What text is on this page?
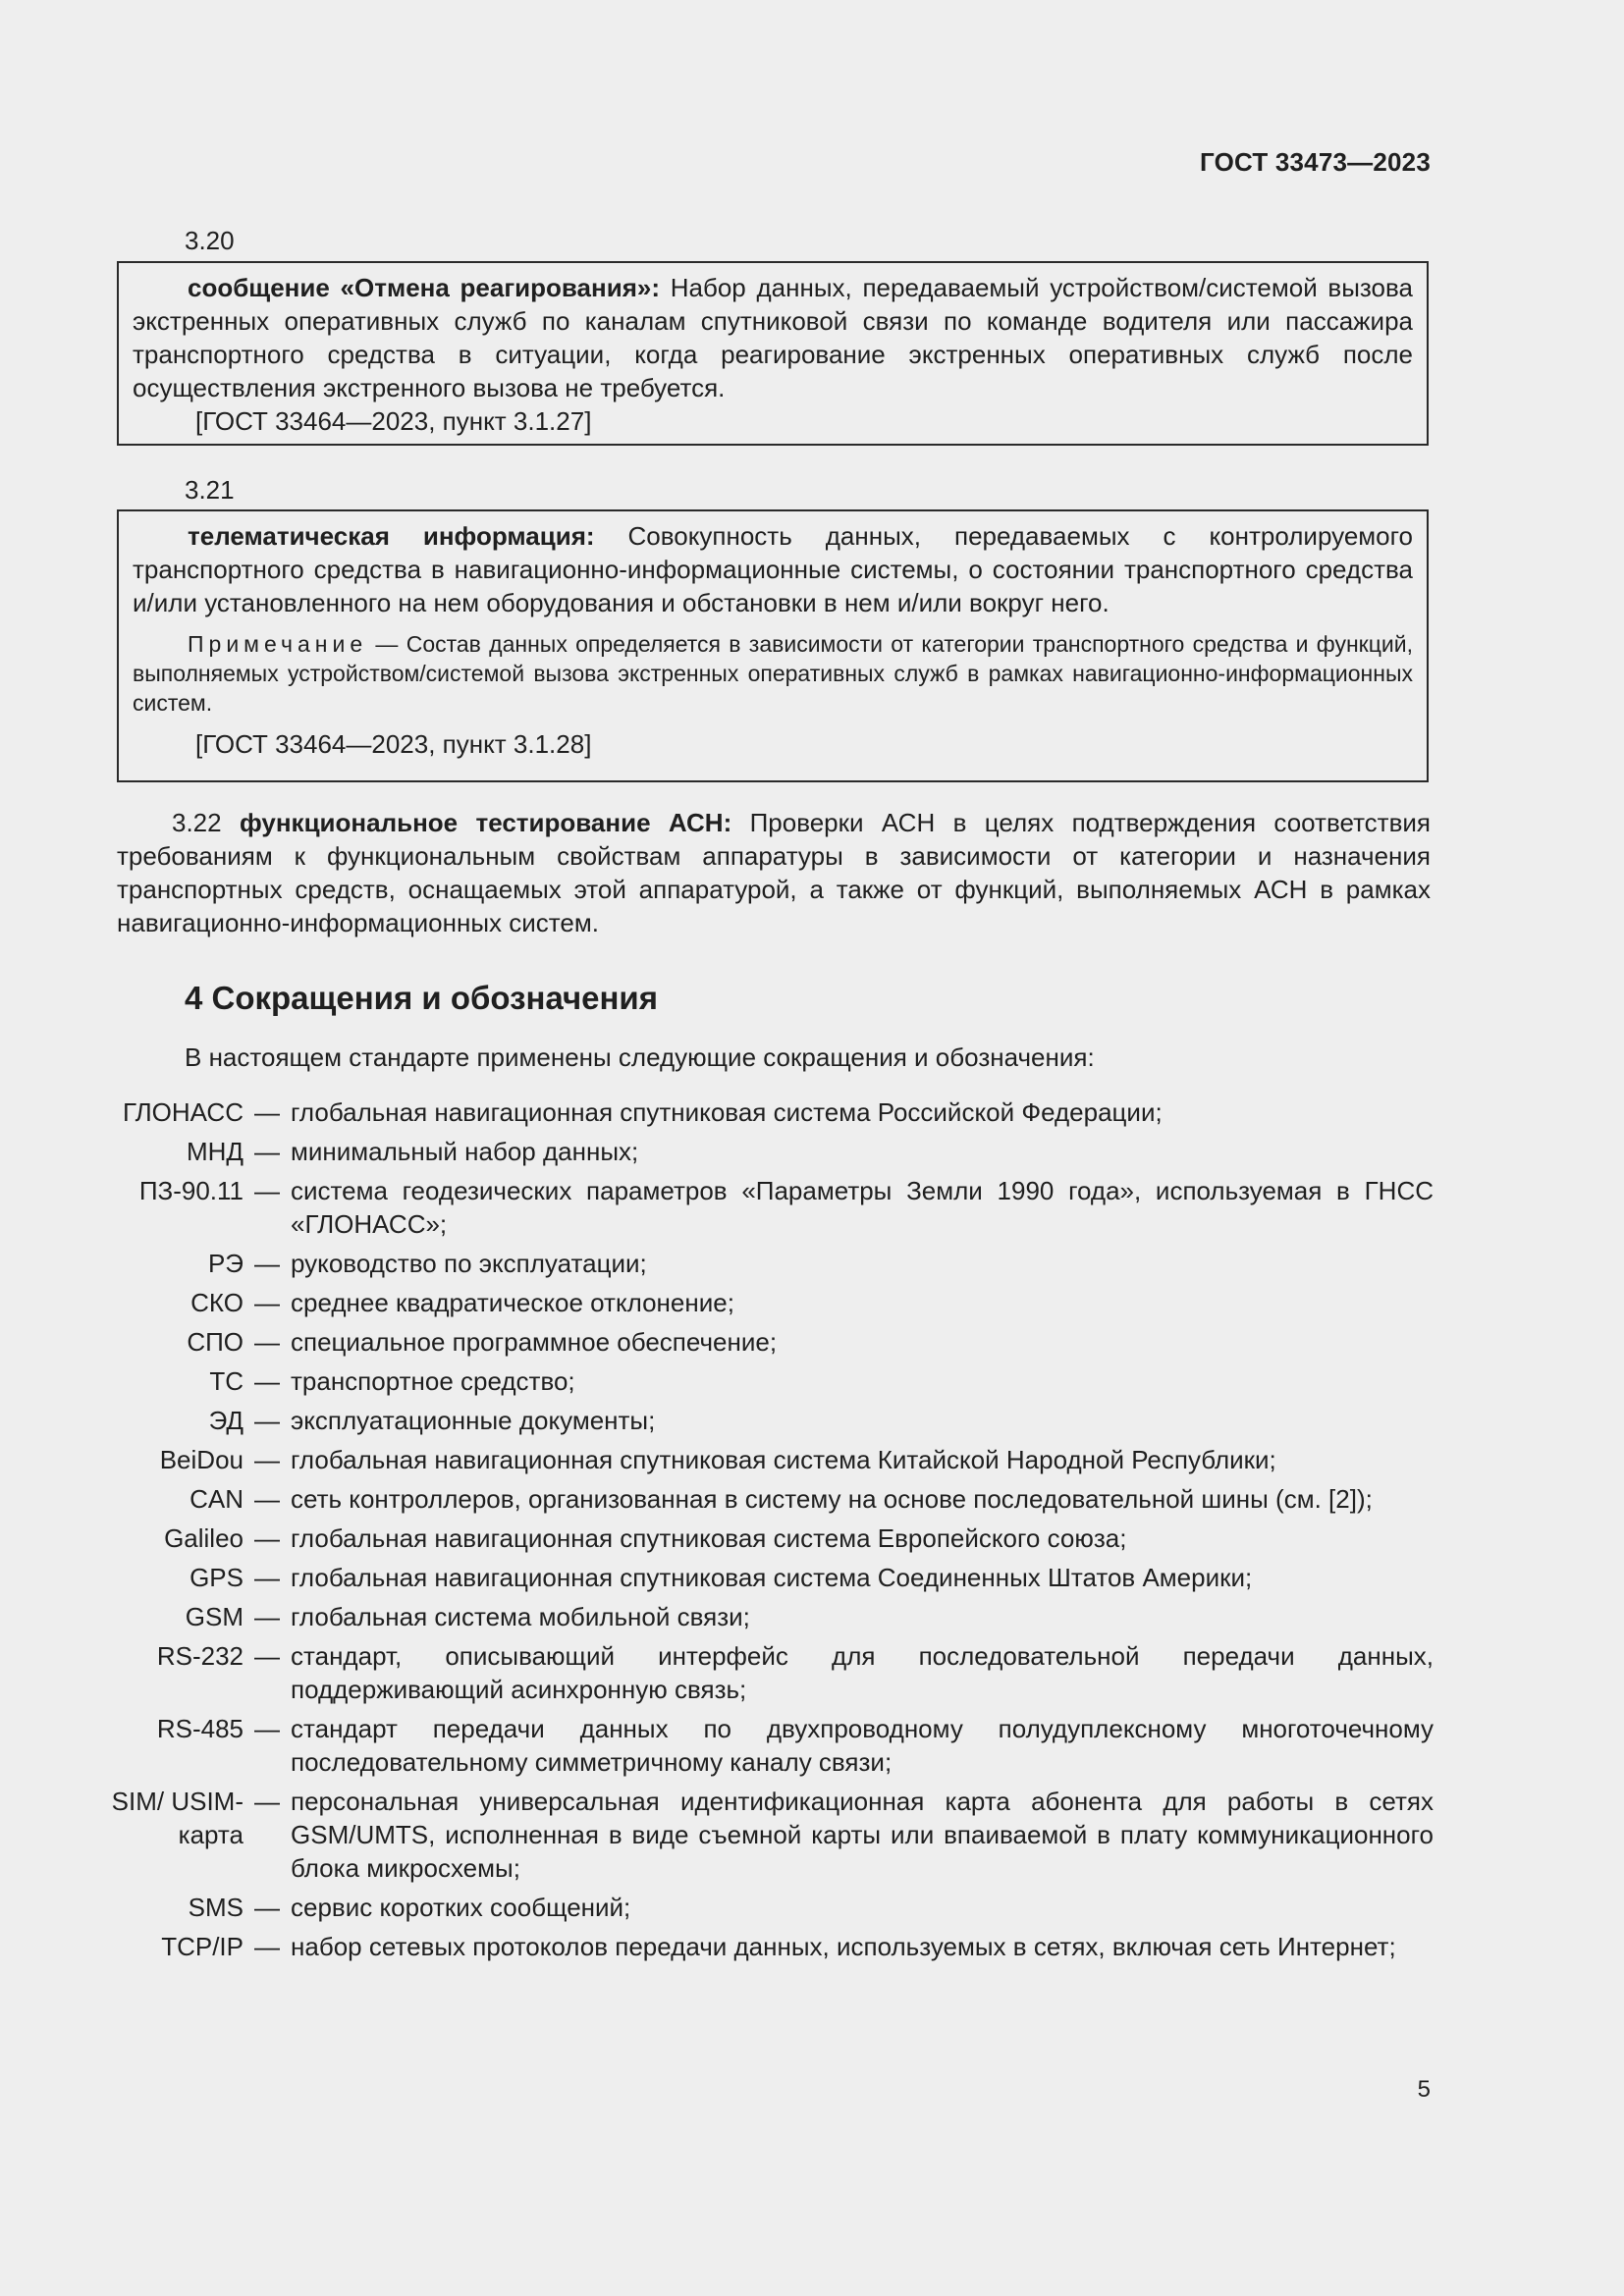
ГОСТ 33473—2023
3.20

сообщение «Отмена реагирования»: Набор данных, передаваемый устройством/системой вызова экстренных оперативных служб по каналам спутниковой связи по команде водителя или пассажира транспортного средства в ситуации, когда реагирование экстренных оперативных служб после осуществления экстренного вызова не требуется.

[ГОСТ 33464—2023, пункт 3.1.27]

3.21

телематическая информация: Совокупность данных, передаваемых с контролируемого транспортного средства в навигационно-информационные системы, о состоянии транспортного средства и/или установленного на нем оборудования и обстановки в нем и/или вокруг него.

Примечание — Состав данных определяется в зависимости от категории транспортного средства и функций, выполняемых устройством/системой вызова экстренных оперативных служб в рамках навигационно-информационных систем.

[ГОСТ 33464—2023, пункт 3.1.28]

3.22 функциональное тестирование АСН: Проверки АСН в целях подтверждения соответствия требованиям к функциональным свойствам аппаратуры в зависимости от категории и назначения транспортных средств, оснащаемых этой аппаратурой, а также от функций, выполняемых АСН в рамках навигационно-информационных систем.

4 Сокращения и обозначения
В настоящем стандарте применены следующие сокращения и обозначения:
ГЛОНАСС — глобальная навигационная спутниковая система Российской Федерации;
МНД — минимальный набор данных;
ПЗ-90.11 — система геодезических параметров «Параметры Земли 1990 года», используемая в ГНСС «ГЛОНАСС»;
РЭ — руководство по эксплуатации;
СКО — среднее квадратическое отклонение;
СПО — специальное программное обеспечение;
ТС — транспортное средство;
ЭД — эксплуатационные документы;
BeiDou — глобальная навигационная спутниковая система Китайской Народной Республики;
CAN — сеть контроллеров, организованная в систему на основе последовательной шины (см. [2]);
Galileo — глобальная навигационная спутниковая система Европейского союза;
GPS — глобальная навигационная спутниковая система Соединенных Штатов Америки;
GSM — глобальная система мобильной связи;
RS-232 — стандарт, описывающий интерфейс для последовательной передачи данных, поддерживающий асинхронную связь;
RS-485 — стандарт передачи данных по двухпроводному полудуплексному многоточечному последовательному симметричному каналу связи;
SIM/ USIM-карта
— персональная универсальная идентификационная карта абонента для работы в сетях GSM/UMTS, исполненная в виде съемной карты или впаиваемой в плату коммуникационного блока микросхемы;
SMS — сервис коротких сообщений;
TCP/IP — набор сетевых протоколов передачи данных, используемых в сетях, включая сеть Интернет;
5
